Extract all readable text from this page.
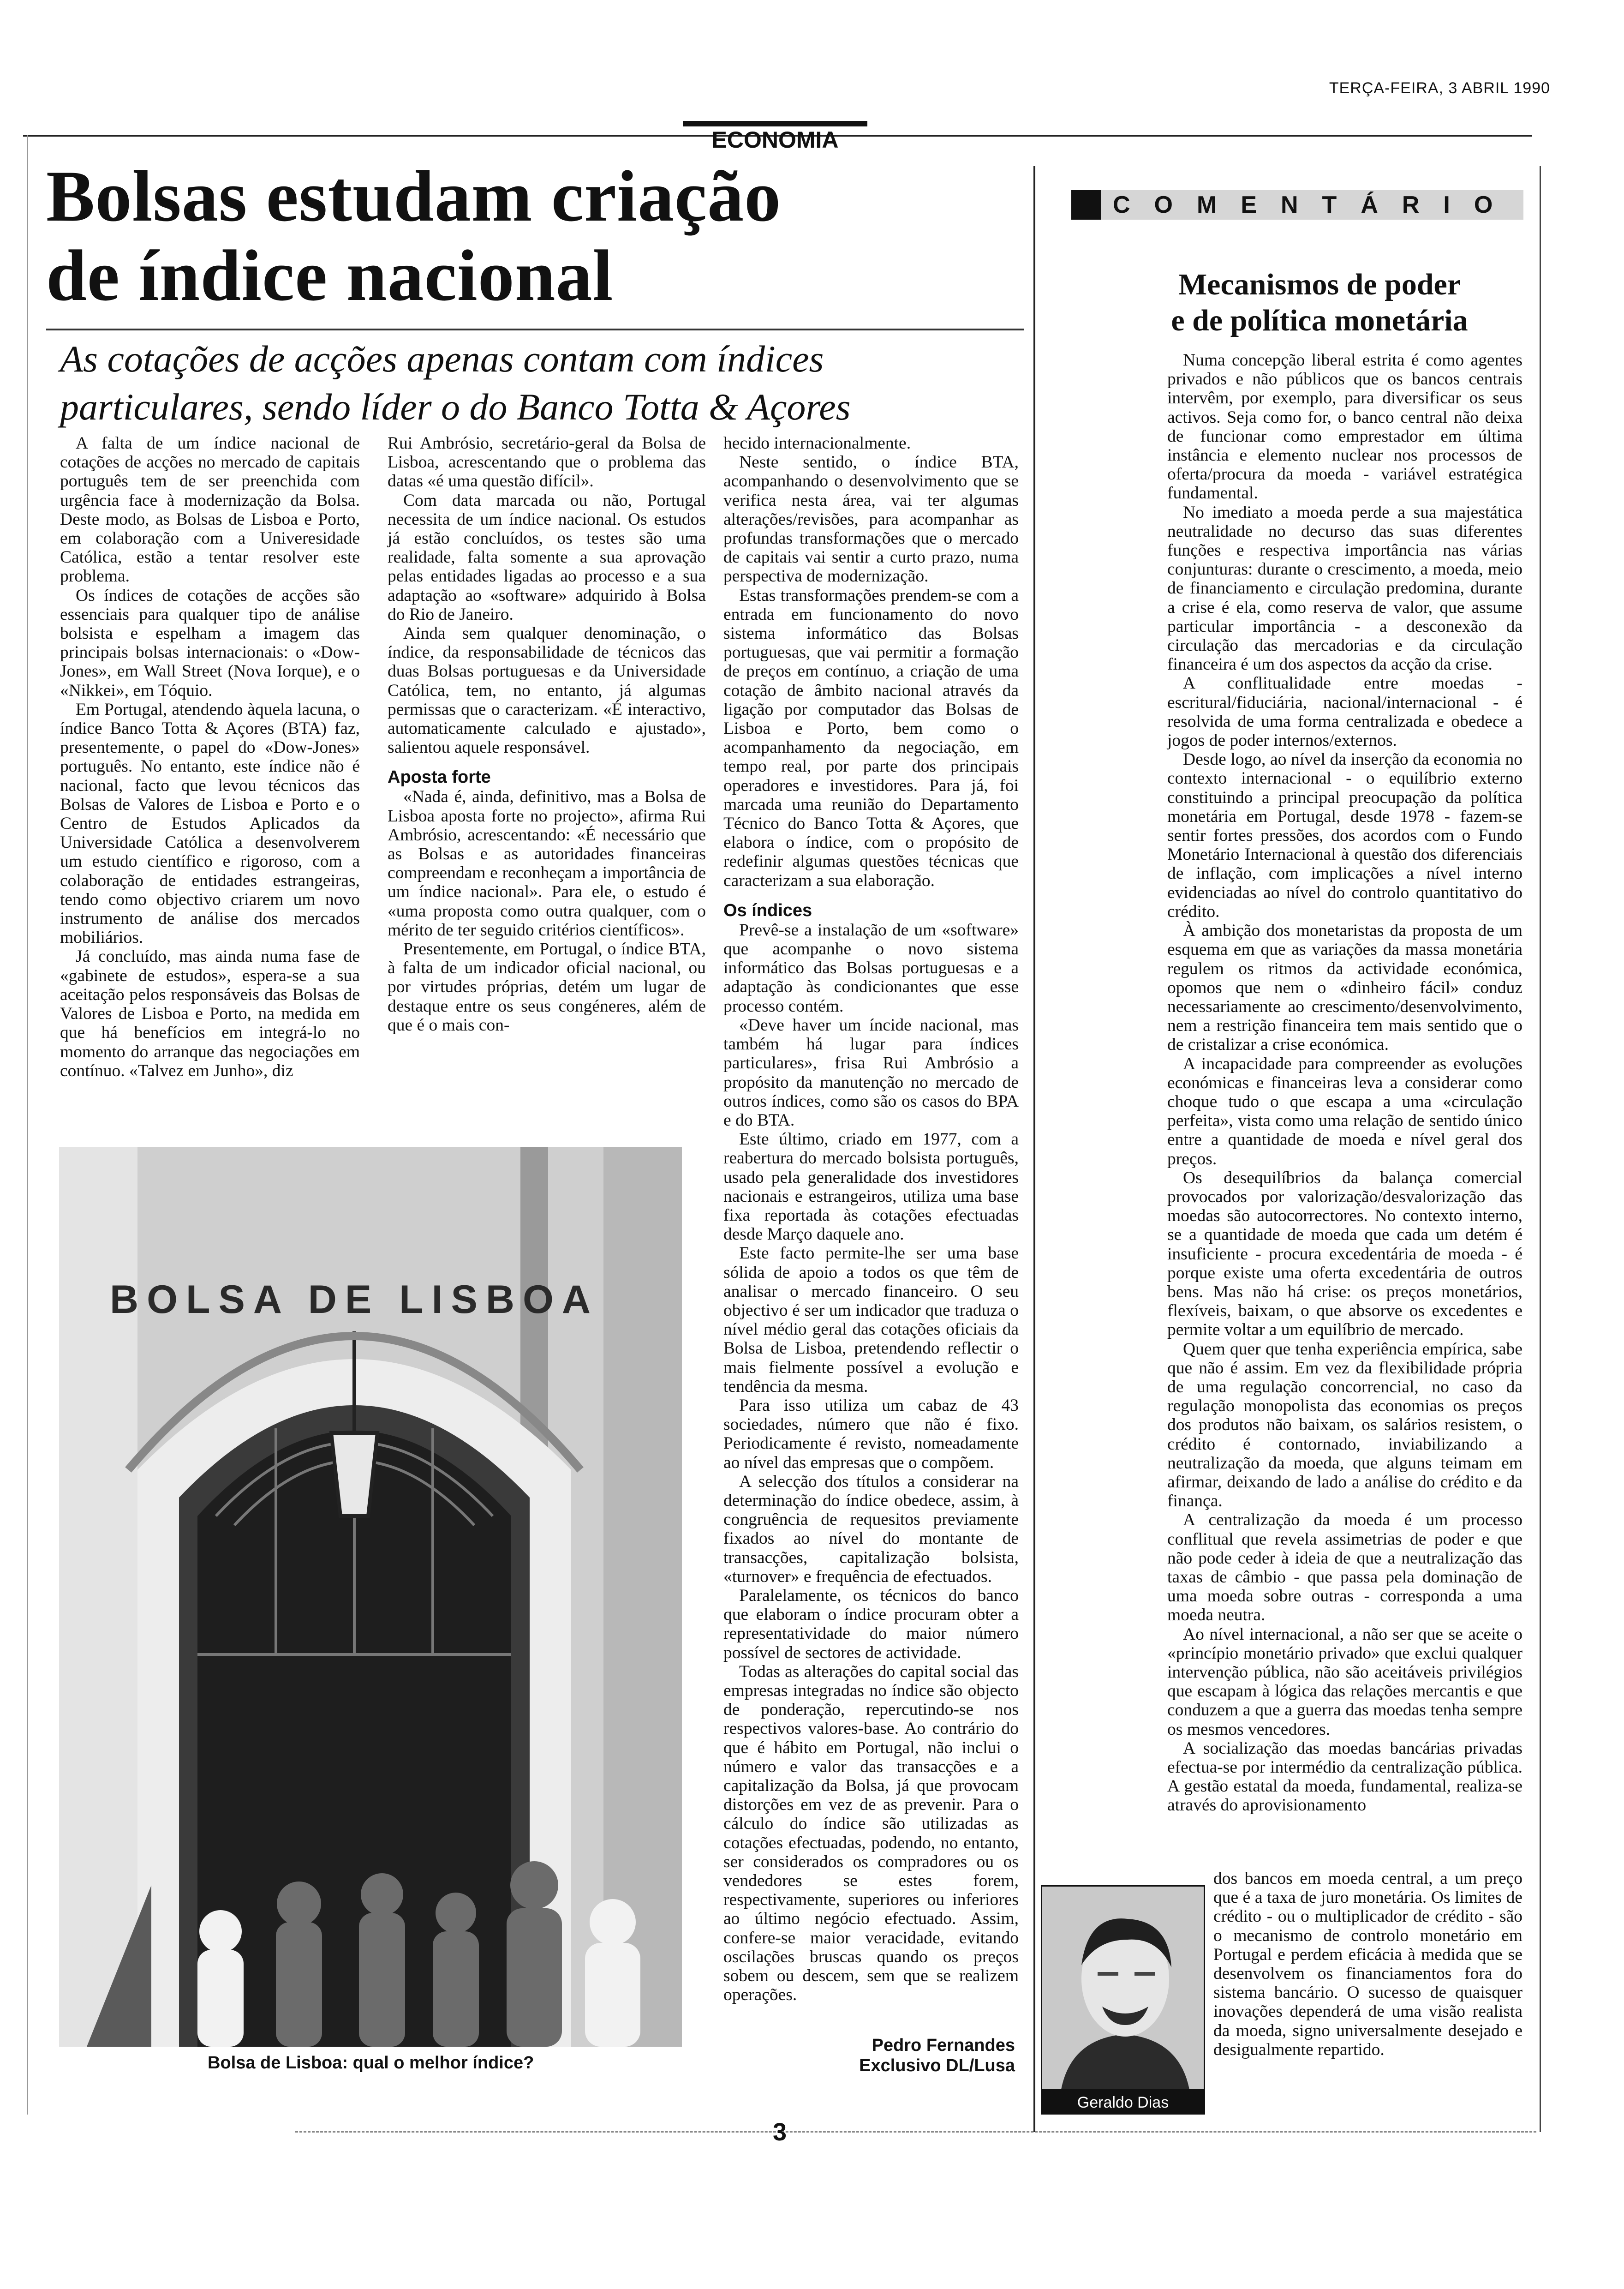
TERÇA-FEIRA, 3 ABRIL 1990
ECONOMIA
Bolsas estudam criação
de índice nacional
As cotações de acções apenas contam com índices particulares, sendo líder o do Banco Totta & Açores

A falta de um índice nacional de cotações de acções no mercado de capitais português tem de ser preenchida com urgência face à modernização da Bolsa. Deste modo, as Bolsas de Lisboa e Porto, em colaboração com a Univeresidade Católica, estão a tentar resolver este problema.

Os índices de cotações de acções são essenciais para qualquer tipo de análise bolsista e espelham a imagem das principais bolsas internacionais: o «Dow-Jones», em Wall Street (Nova Iorque), e o «Nikkei», em Tóquio.

Em Portugal, atendendo àquela lacuna, o índice Banco Totta & Açores (BTA) faz, presentemente, o papel do «Dow-Jones» português. No entanto, este índice não é nacional, facto que levou técnicos das Bolsas de Valores de Lisboa e Porto e o Centro de Estudos Aplicados da Universidade Católica a desenvolverem um estudo científico e rigoroso, com a colaboração de entidades estrangeiras, tendo como objectivo criarem um novo instrumento de análise dos mercados mobiliários.

Já concluído, mas ainda numa fase de «gabinete de estudos», espera-se a sua aceitação pelos responsáveis das Bolsas de Valores de Lisboa e Porto, na medida em que há benefícios em integrá-lo no momento do arranque das negociações em contínuo. «Talvez em Junho», diz

Rui Ambrósio, secretário-geral da Bolsa de Lisboa, acrescentando que o problema das datas «é uma questão difícil».

Com data marcada ou não, Portugal necessita de um índice nacional. Os estudos já estão concluídos, os testes são uma realidade, falta somente a sua aprovação pelas entidades ligadas ao processo e a sua adaptação ao «software» adquirido à Bolsa do Rio de Janeiro.

Ainda sem qualquer denominação, o índice, da responsabilidade de técnicos das duas Bolsas portuguesas e da Universidade Católica, tem, no entanto, já algumas permissas que o caracterizam. «É interactivo, automaticamente calculado e ajustado», salientou aquele responsável.

Aposta forte

«Nada é, ainda, definitivo, mas a Bolsa de Lisboa aposta forte no projecto», afirma Rui Ambrósio, acrescentando: «É necessário que as Bolsas e as autoridades financeiras compreendam e reconheçam a importância de um índice nacional». Para ele, o estudo é «uma proposta como outra qualquer, com o mérito de ter seguido critérios científicos».

Presentemente, em Portugal, o índice BTA, à falta de um indicador oficial nacional, ou por virtudes próprias, detém um lugar de destaque entre os seus congéneres, além de que é o mais con-

hecido internacionalmente.

Neste sentido, o índice BTA, acompanhando o desenvolvimento que se verifica nesta área, vai ter algumas alterações/revisões, para acompanhar as profundas transformações que o mercado de capitais vai sentir a curto prazo, numa perspectiva de modernização.

Estas transformações prendem-se com a entrada em funcionamento do novo sistema informático das Bolsas portuguesas, que vai permitir a formação de preços em contínuo, a criação de uma cotação de âmbito nacional através da ligação por computador das Bolsas de Lisboa e Porto, bem como o acompanhamento da negociação, em tempo real, por parte dos principais operadores e investidores. Para já, foi marcada uma reunião do Departamento Técnico do Banco Totta & Açores, que elabora o índice, com o propósito de redefinir algumas questões técnicas que caracterizam a sua elaboração.

Os índices

Prevê-se a instalação de um «software» que acompanhe o novo sistema informático das Bolsas portuguesas e a adaptação às condicionantes que esse processo contém.

«Deve haver um íncide nacional, mas também há lugar para índices particulares», frisa Rui Ambrósio a propósito da manutenção no mercado de outros índices, como são os casos do BPA e do BTA.

Este último, criado em 1977, com a reabertura do mercado bolsista português, usado pela generalidade dos investidores nacionais e estrangeiros, utiliza uma base fixa reportada às cotações efectuadas desde Março daquele ano.

Este facto permite-lhe ser uma base sólida de apoio a todos os que têm de analisar o mercado financeiro. O seu objectivo é ser um indicador que traduza o nível médio geral das cotações oficiais da Bolsa de Lisboa, pretendendo reflectir o mais fielmente possível a evolução e tendência da mesma.

Para isso utiliza um cabaz de 43 sociedades, número que não é fixo. Periodicamente é revisto, nomeadamente ao nível das empresas que o compõem.

A selecção dos títulos a considerar na determinação do índice obedece, assim, à congruência de requesitos previamente fixados ao nível do montante de transacções, capitalização bolsista, «turnover» e frequência de efectuados.

Paralelamente, os técnicos do banco que elaboram o índice procuram obter a representatividade do maior número possível de sectores de actividade.

Todas as alterações do capital social das empresas integradas no índice são objecto de ponderação, repercutindo-se nos respectivos valores-base. Ao contrário do que é hábito em Portugal, não inclui o número e valor das transacções e a capitalização da Bolsa, já que provocam distorções em vez de as prevenir. Para o cálculo do índice são utilizadas as cotações efectuadas, podendo, no entanto, ser considerados os compradores ou os vendedores se estes forem, respectivamente, superiores ou inferiores ao último negócio efectuado. Assim, confere-se maior veracidade, evitando oscilações bruscas quando os preços sobem ou descem, sem que se realizem operações.

Pedro Fernandes
Exclusivo DL/Lusa
BOLSA DE LISBOA
Bolsa de Lisboa: qual o melhor índice?
COMENTÁRIO
Mecanismos de poder
e de política monetária

Numa concepção liberal estrita é como agentes privados e não públicos que os bancos centrais intervêm, por exemplo, para diversificar os seus activos. Seja como for, o banco central não deixa de funcionar como emprestador em última instância e elemento nuclear nos processos de oferta/procura da moeda - variável estratégica fundamental.

No imediato a moeda perde a sua majestática neutralidade no decurso das suas diferentes funções e respectiva importância nas várias conjunturas: durante o crescimento, a moeda, meio de financiamento e circulação predomina, durante a crise é ela, como reserva de valor, que assume particular importância - a desconexão da circulação das mercadorias e da circulação financeira é um dos aspectos da acção da crise.

A conflitualidade entre moedas - escritural/fiduciária, nacional/internacional - é resolvida de uma forma centralizada e obedece a jogos de poder internos/externos.

Desde logo, ao nível da inserção da economia no contexto internacional - o equilíbrio externo constituindo a principal preocupação da política monetária em Portugal, desde 1978 - fazem-se sentir fortes pressões, dos acordos com o Fundo Monetário Internacional à questão dos diferenciais de inflação, com implicações a nível interno evidenciadas ao nível do controlo quantitativo do crédito.

À ambição dos monetaristas da proposta de um esquema em que as variações da massa monetária regulem os ritmos da actividade económica, opomos que nem o «dinheiro fácil» conduz necessariamente ao crescimento/desenvolvimento, nem a restrição financeira tem mais sentido que o de cristalizar a crise económica.

A incapacidade para compreender as evoluções económicas e financeiras leva a considerar como choque tudo o que escapa a uma «circulação perfeita», vista como uma relação de sentido único entre a quantidade de moeda e nível geral dos preços.

Os desequilíbrios da balança comercial provocados por valorização/desvalorização das moedas são autocorrectores. No contexto interno, se a quantidade de moeda que cada um detém é insuficiente - procura excedentária de moeda - é porque existe uma oferta excedentária de outros bens. Mas não há crise: os preços monetários, flexíveis, baixam, o que absorve os excedentes e permite voltar a um equilíbrio de mercado.

Quem quer que tenha experiência empírica, sabe que não é assim. Em vez da flexibilidade própria de uma regulação concorrencial, no caso da regulação monopolista das economias os preços dos produtos não baixam, os salários resistem, o crédito é contornado, inviabilizando a neutralização da moeda, que alguns teimam em afirmar, deixando de lado a análise do crédito e da finança.

A centralização da moeda é um processo conflitual que revela assimetrias de poder e que não pode ceder à ideia de que a neutralização das taxas de câmbio - que passa pela dominação de uma moeda sobre outras - corresponda a uma moeda neutra.

Ao nível internacional, a não ser que se aceite o «princípio monetário privado» que exclui qualquer intervenção pública, não são aceitáveis privilégios que escapam à lógica das relações mercantis e que conduzem a que a guerra das moedas tenha sempre os mesmos vencedores.

A socialização das moedas bancárias privadas efectua-se por intermédio da centralização pública. A gestão estatal da moeda, fundamental, realiza-se através do aprovisionamento

dos bancos em moeda central, a um preço que é a taxa de juro monetária. Os limites de crédito - ou o multiplicador de crédito - são o mecanismo de controlo monetário em Portugal e perdem eficácia à medida que se desenvolvem os financiamentos fora do sistema bancário. O sucesso de quaisquer inovações dependerá de uma visão realista da moeda, signo universalmente desejado e desigualmente repartido.

Geraldo Dias
3
